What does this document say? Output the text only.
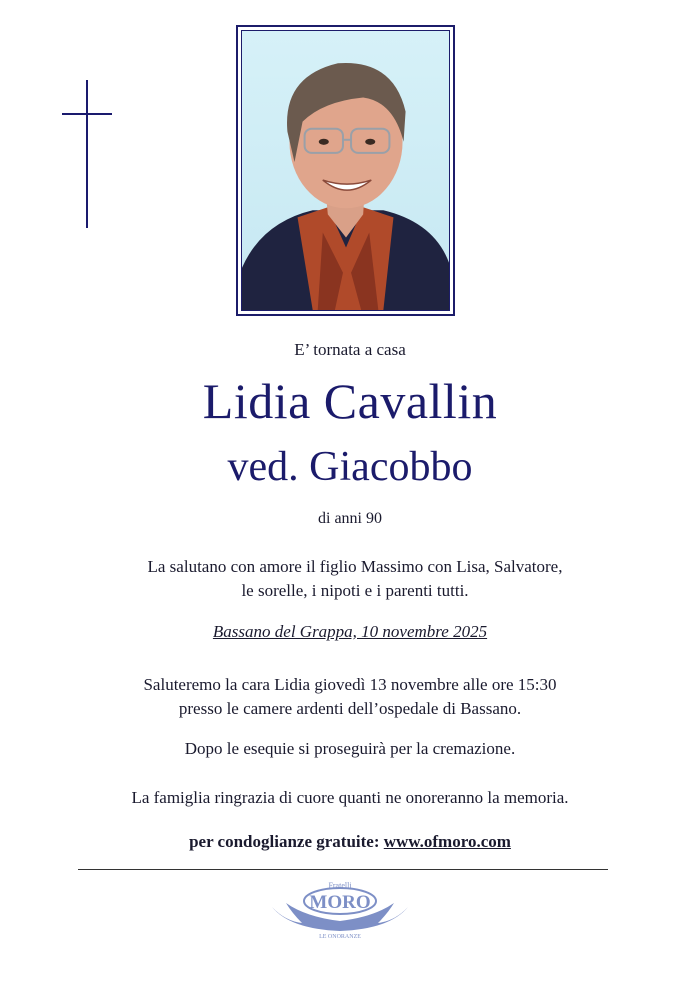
E’ tornata a casa
Lidia Cavallin
ved. Giacobbo
di anni 90
La salutano con amore il figlio Massimo con Lisa, Salvatore,
le sorelle, i nipoti e i parenti tutti.
Bassano del Grappa, 10 novembre 2025
Saluteremo la cara Lidia giovedì 13 novembre alle ore 15:30
presso le camere ardenti dell’ospedale di Bassano.
Dopo le esequie si proseguirà per la cremazione.
La famiglia ringrazia di cuore quanti ne onoreranno la memoria.
per condoglianze gratuite: www.ofmoro.com
Fratelli
MORO
LE ONORANZE
